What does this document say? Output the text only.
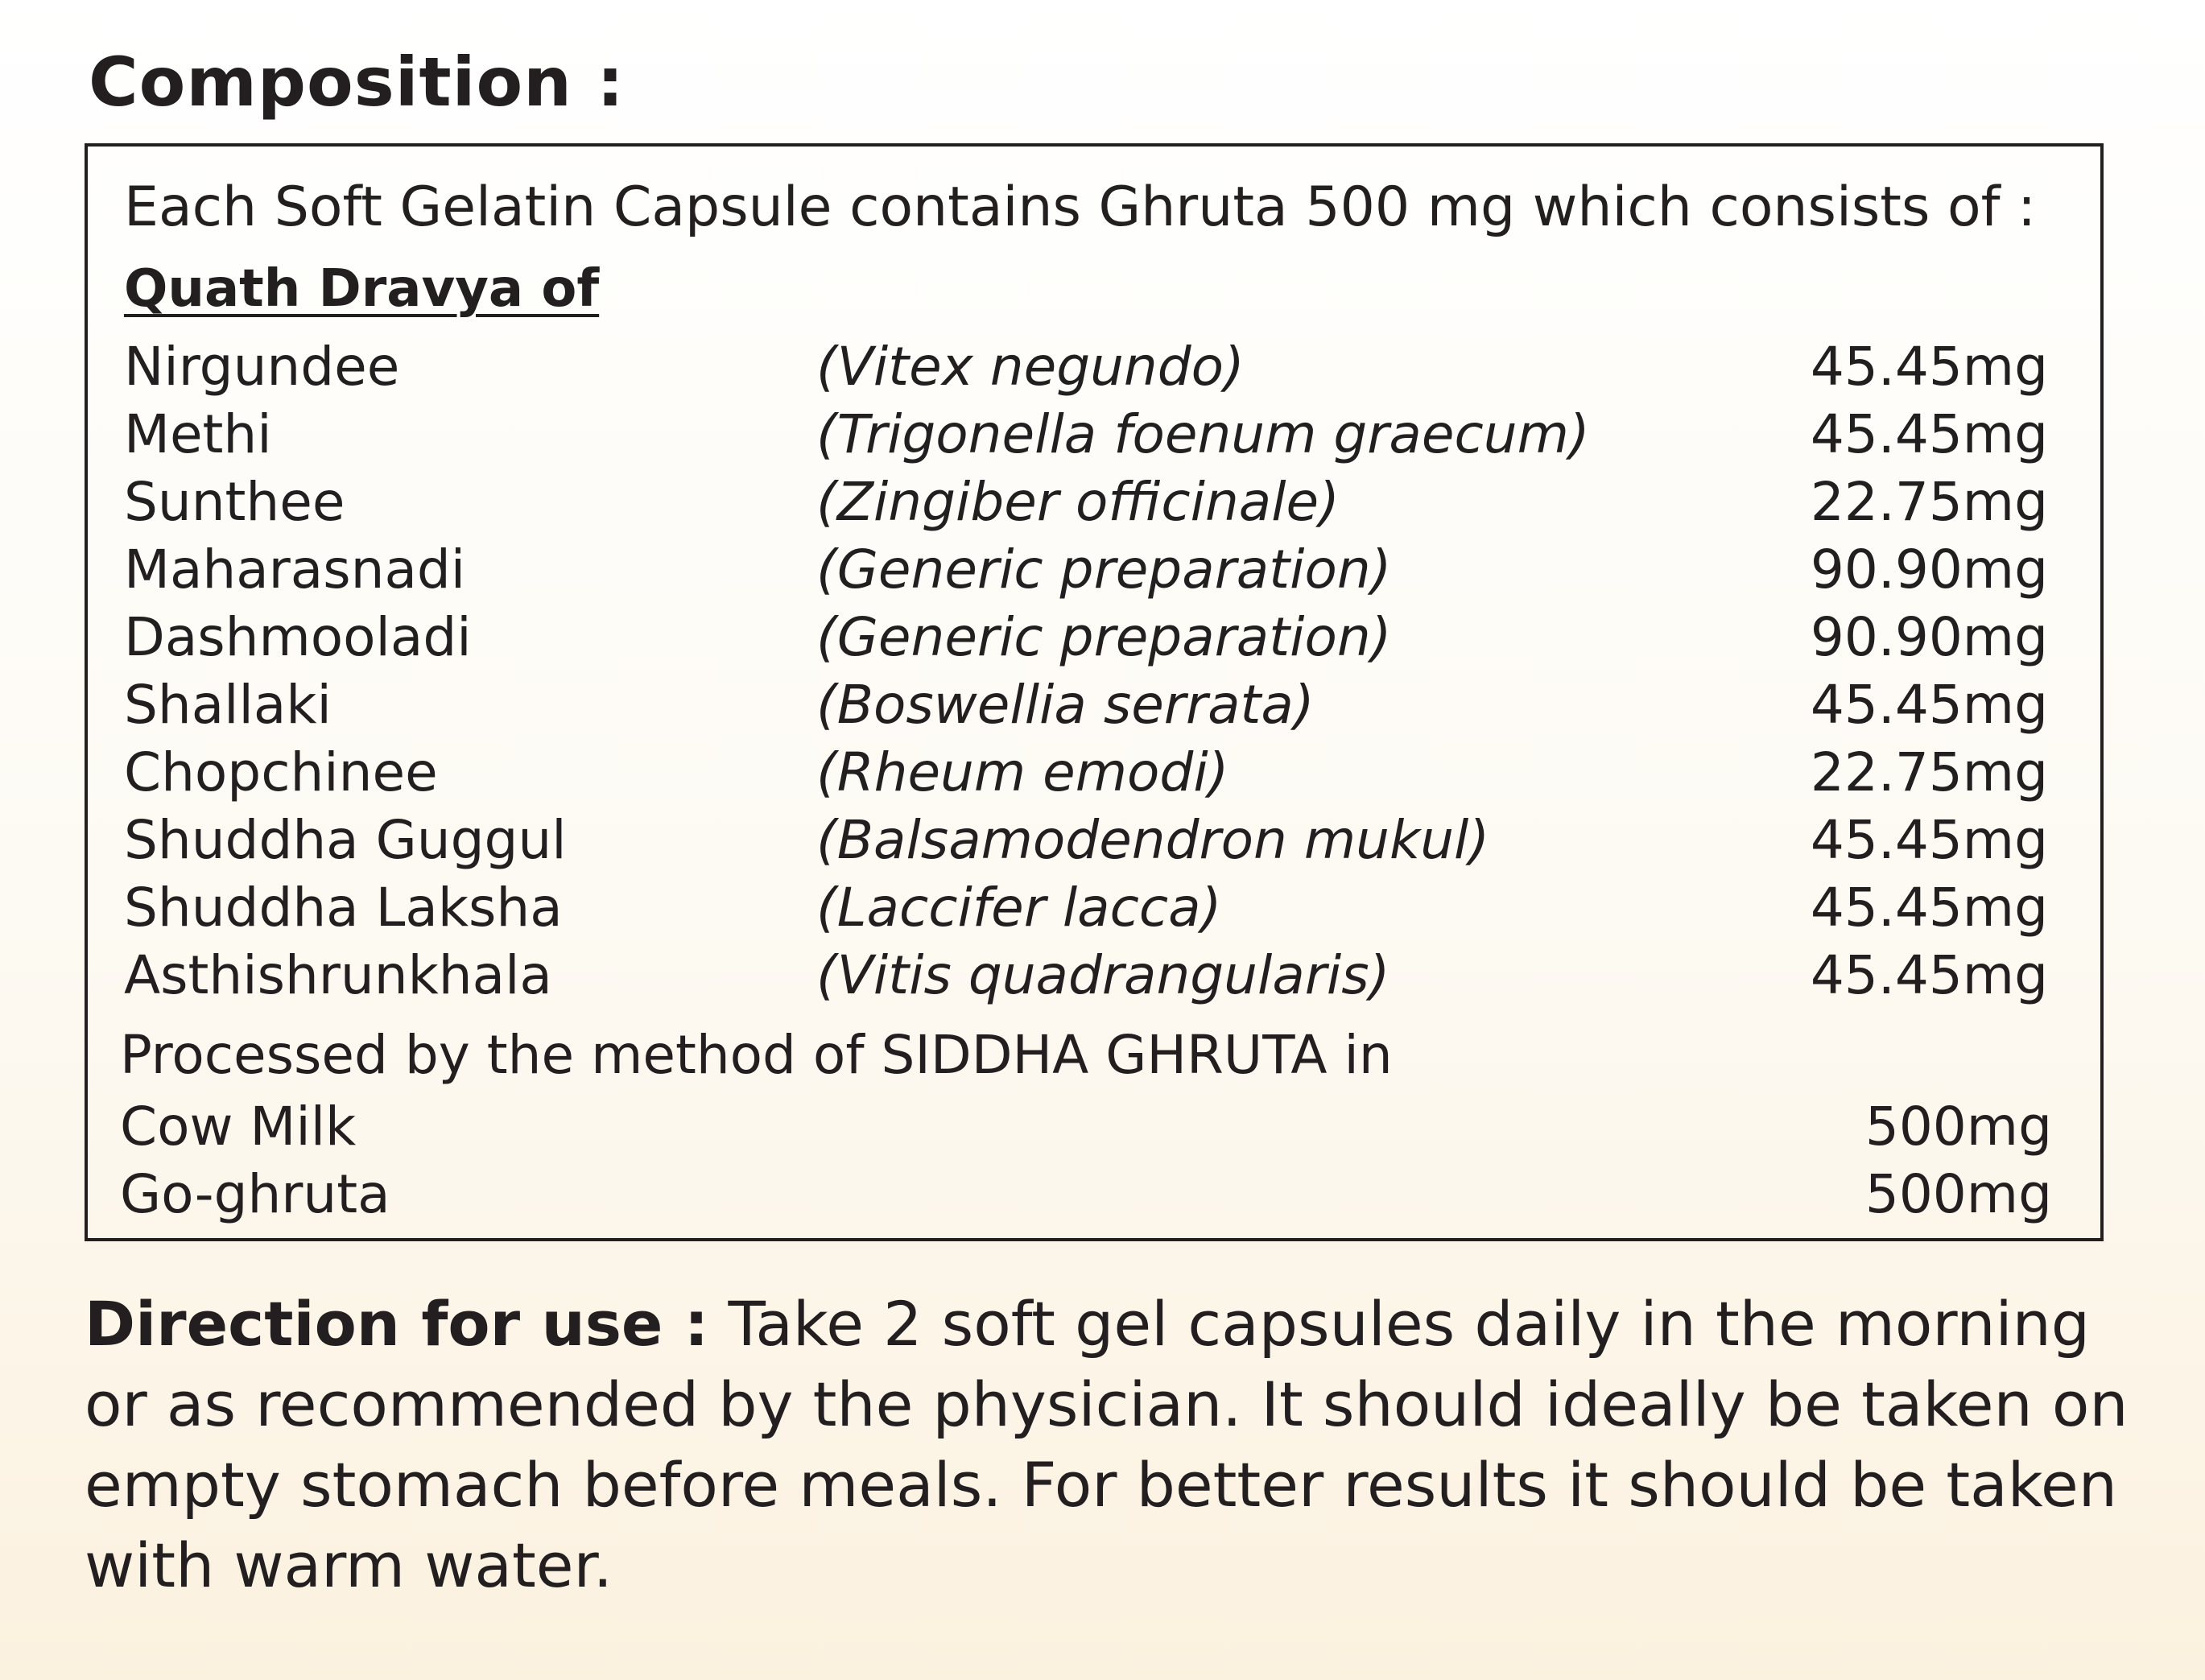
Composition :
Each Soft Gelatin Capsule contains Ghruta 500 mg which consists of :
Quath Dravya of
Nirgundee	(Vitex negundo)	45.45mg
Methi	(Trigonella foenum graecum)	45.45mg
Sunthee	(Zingiber officinale)	22.75mg
Maharasnadi	(Generic preparation)	90.90mg
Dashmooladi	(Generic preparation)	90.90mg
Shallaki	(Boswellia serrata)	45.45mg
Chopchinee	(Rheum emodi)	22.75mg
Shuddha Guggul	(Balsamodendron mukul)	45.45mg
Shuddha Laksha	(Laccifer lacca)	45.45mg
Asthishrunkhala	(Vitis quadrangularis)	45.45mg
Processed by the method of SIDDHA GHRUTA in
Cow Milk	500mg
Go-ghruta	500mg

Direction for use : Take 2 soft gel capsules daily in the morning or as recommended by the physician. It should ideally be taken on empty stomach before meals. For better results it should be taken with warm water.
